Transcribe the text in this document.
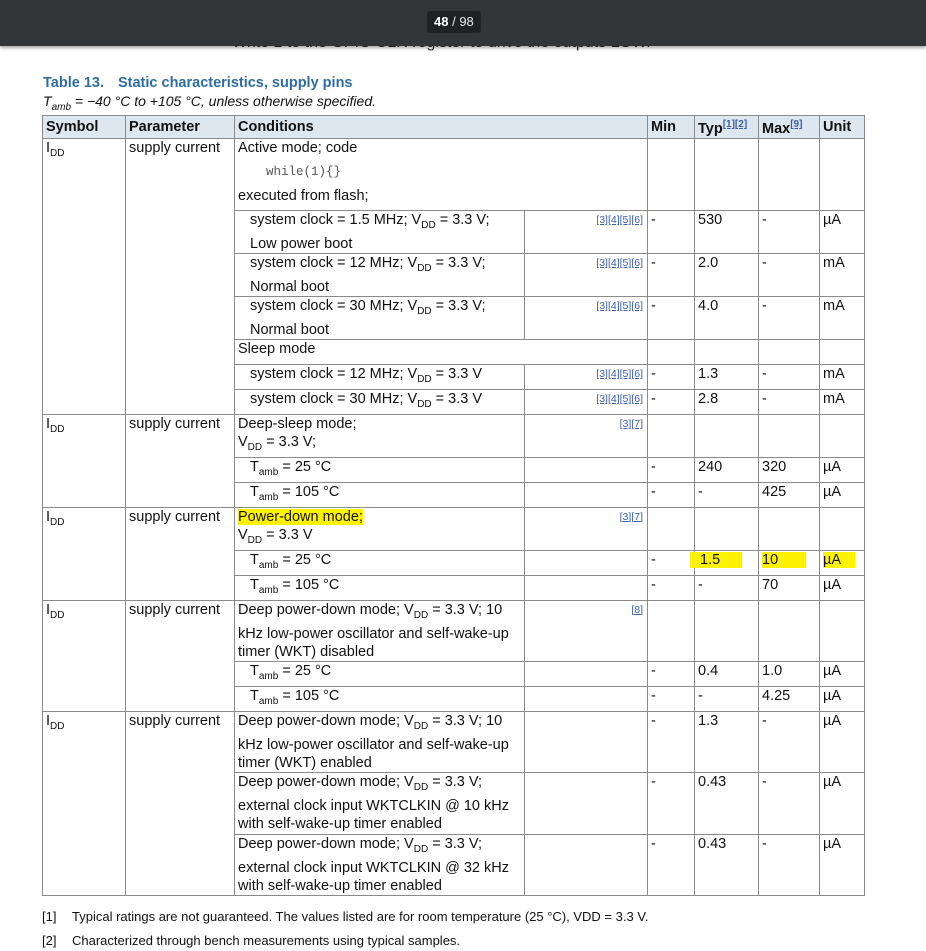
48 / 98
Table 13. Static characteristics, supply pins
$T_{amb} = -40$ °C to +105 °C, unless otherwise specified.
Symbol	Parameter	Conditions		Min	Typ[1][2]	Max[9]	Unit
$I_{DD}$	supply current	Active mode; code					

		while(1){}					

		executed from flash;					
		system clock = 1.5 MHz; $V_{DD} = 3.3$ V;
Low power boot	[3][4][5][6]	-	530	-	µA
		system clock = 12 MHz; $V_{DD} = 3.3$ V;
Normal boot	[3][4][5][6]	-	2.0	-	mA
		system clock = 30 MHz; $V_{DD} = 3.3$ V;
Normal boot	[3][4][5][6]	-	4.0	-	mA
		Sleep mode					
		system clock = 12 MHz; $V_{DD} = 3.3$ V	[3][4][5][6]	-	1.3	-	mA
		system clock = 30 MHz; $V_{DD} = 3.3$ V	[3][4][5][6]	-	2.8	-	mA
$I_{DD}$	supply current	Deep-sleep mode;
$V_{DD} = 3.3$ V;	[3][7]				

		$T_{amb} = 25$ °C		-	240	320	µA
		$T_{amb} = 105$ °C		-	-	425	µA
$I_{DD}$	supply current	Power-down mode;
$V_{DD} = 3.3$ V	[3][7]				

		$T_{amb} = 25$ °C		-	1.5	10	µA
		$T_{amb} = 105$ °C		-	-	70	µA
$I_{DD}$	supply current	Deep power-down mode; $V_{DD} = 3.3$ V; 10
kHz low-power oscillator and self-wake-up
timer (WKT) disabled	[8]				

		$T_{amb} = 25$ °C		-	0.4	1.0	µA
		$T_{amb} = 105$ °C		-	-	4.25	µA
$I_{DD}$	supply current	Deep power-down mode; $V_{DD} = 3.3$ V; 10
kHz low-power oscillator and self-wake-up
timer (WKT) enabled		-	1.3	-	µA
		Deep power-down mode; $V_{DD} = 3.3$ V;
external clock input WKTCLKIN @ 10 kHz
with self-wake-up timer enabled		-	0.43	-	µA
		Deep power-down mode; $V_{DD} = 3.3$ V;
external clock input WKTCLKIN @ 32 kHz
with self-wake-up timer enabled		-	0.43	-	µA
[1] Typical ratings are not guaranteed. The values listed are for room temperature (25 °C), VDD = 3.3 V.
[2] Characterized through bench measurements using typical samples.
